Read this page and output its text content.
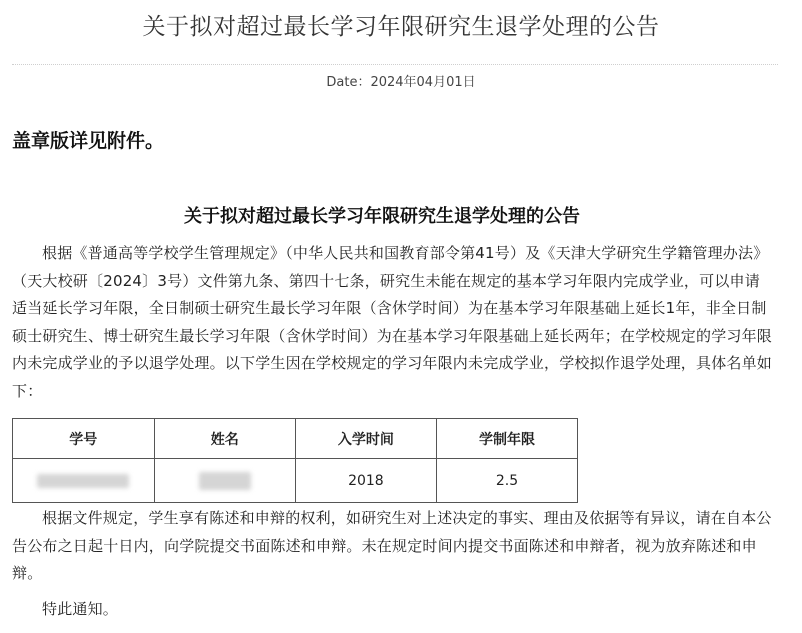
关于拟对超过最长学习年限研究生退学处理的公告
Date：2024年04月01日

盖章版详见附件。

关于拟对超过最长学习年限研究生退学处理的公告

根据《普通高等学校学生管理规定》（中华人民共和国教育部令第41号）及《天津大学研究生学籍管理办法》（天大校研〔2024〕3号）文件第九条、第四十七条，研究生未能在规定的基本学习年限内完成学业，可以申请适当延长学习年限，全日制硕士研究生最长学习年限（含休学时间）为在基本学习年限基础上延长1年，非全日制硕士研究生、博士研究生最长学习年限（含休学时间）为在基本学习年限基础上延长两年；在学校规定的学习年限内未完成学业的予以退学处理。以下学生因在学校规定的学习年限内未完成学业，学校拟作退学处理，具体名单如下：

学号	姓名	入学时间	学制年限
		2018	2.5

根据文件规定，学生享有陈述和申辩的权利，如研究生对上述决定的事实、理由及依据等有异议，请在自本公告公布之日起十日内，向学院提交书面陈述和申辩。未在规定时间内提交书面陈述和申辩者，视为放弃陈述和申辩。

特此通知。
